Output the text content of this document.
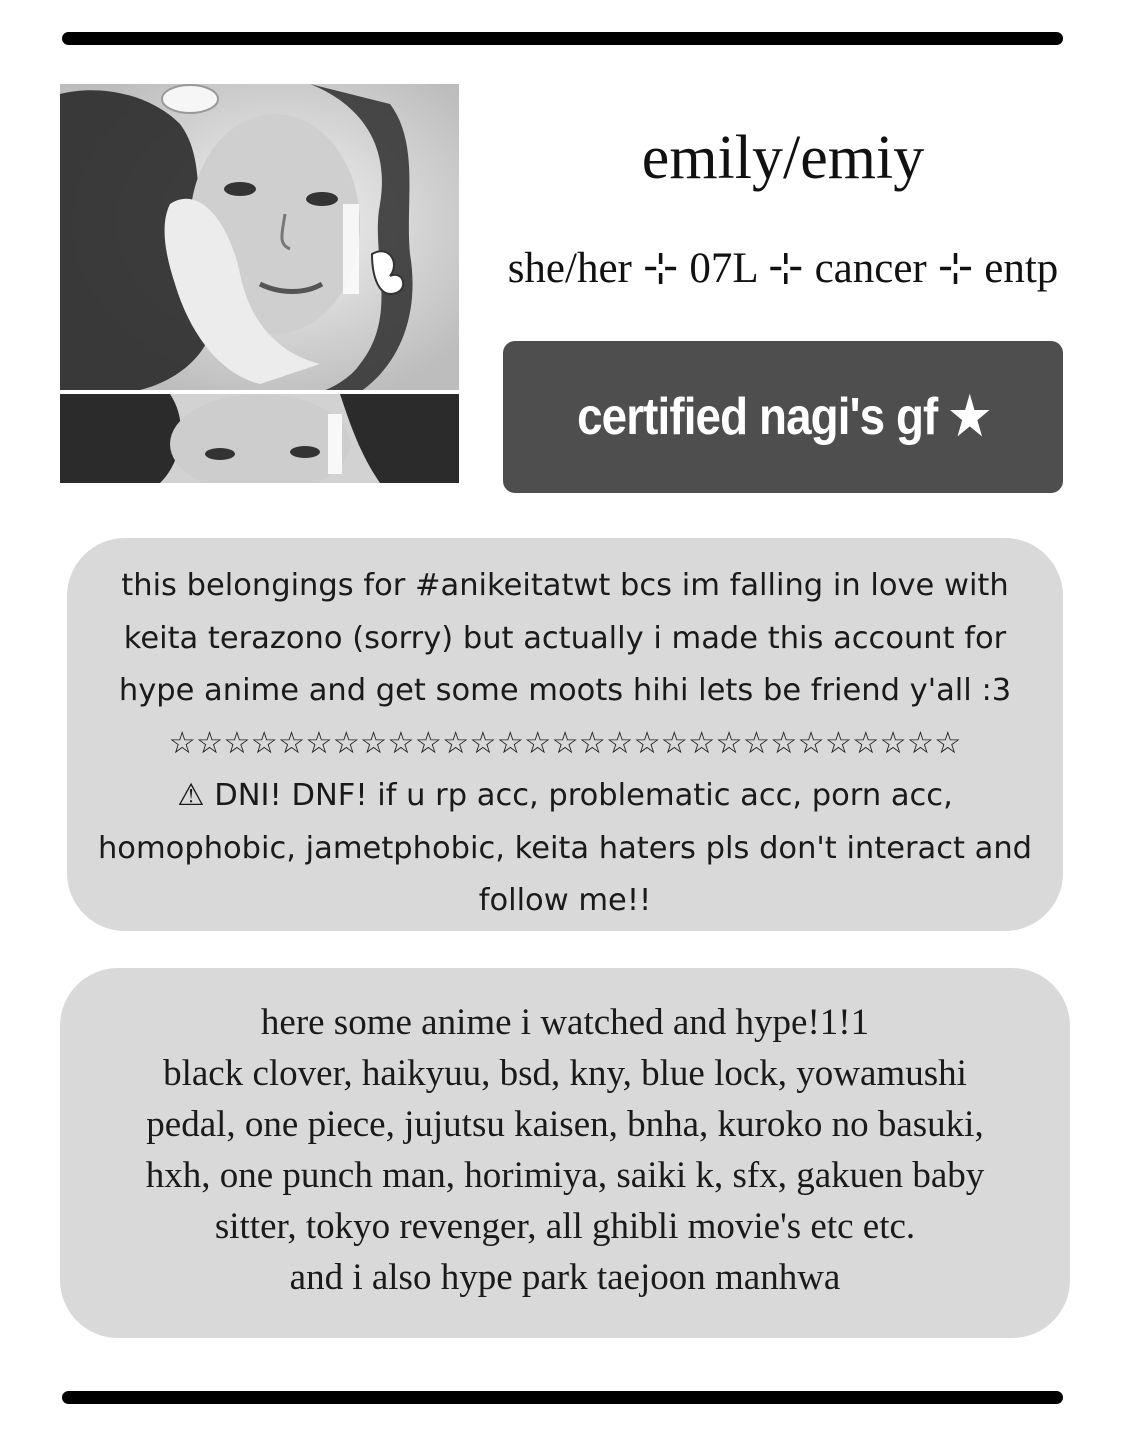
emily/emiy
she/her ⊹ 07L ⊹ cancer ⊹ entp
certified nagi's gf ★
this belongings for #anikeitatwt bcs im falling in love with
keita terazono (sorry) but actually i made this account for
hype anime and get some moots hihi lets be friend y'all :3
☆☆☆☆☆☆☆☆☆☆☆☆☆☆☆☆☆☆☆☆☆☆☆☆☆☆☆☆☆
⚠ DNI! DNF! if u rp acc, problematic acc, porn acc,
homophobic, jametphobic, keita haters pls don't interact and
follow me!!
here some anime i watched and hype!1!1
black clover, haikyuu, bsd, kny, blue lock, yowamushi
pedal, one piece, jujutsu kaisen, bnha, kuroko no basuki,
hxh, one punch man, horimiya, saiki k, sfx, gakuen baby
sitter, tokyo revenger, all ghibli movie's etc etc.
and i also hype park taejoon manhwa
